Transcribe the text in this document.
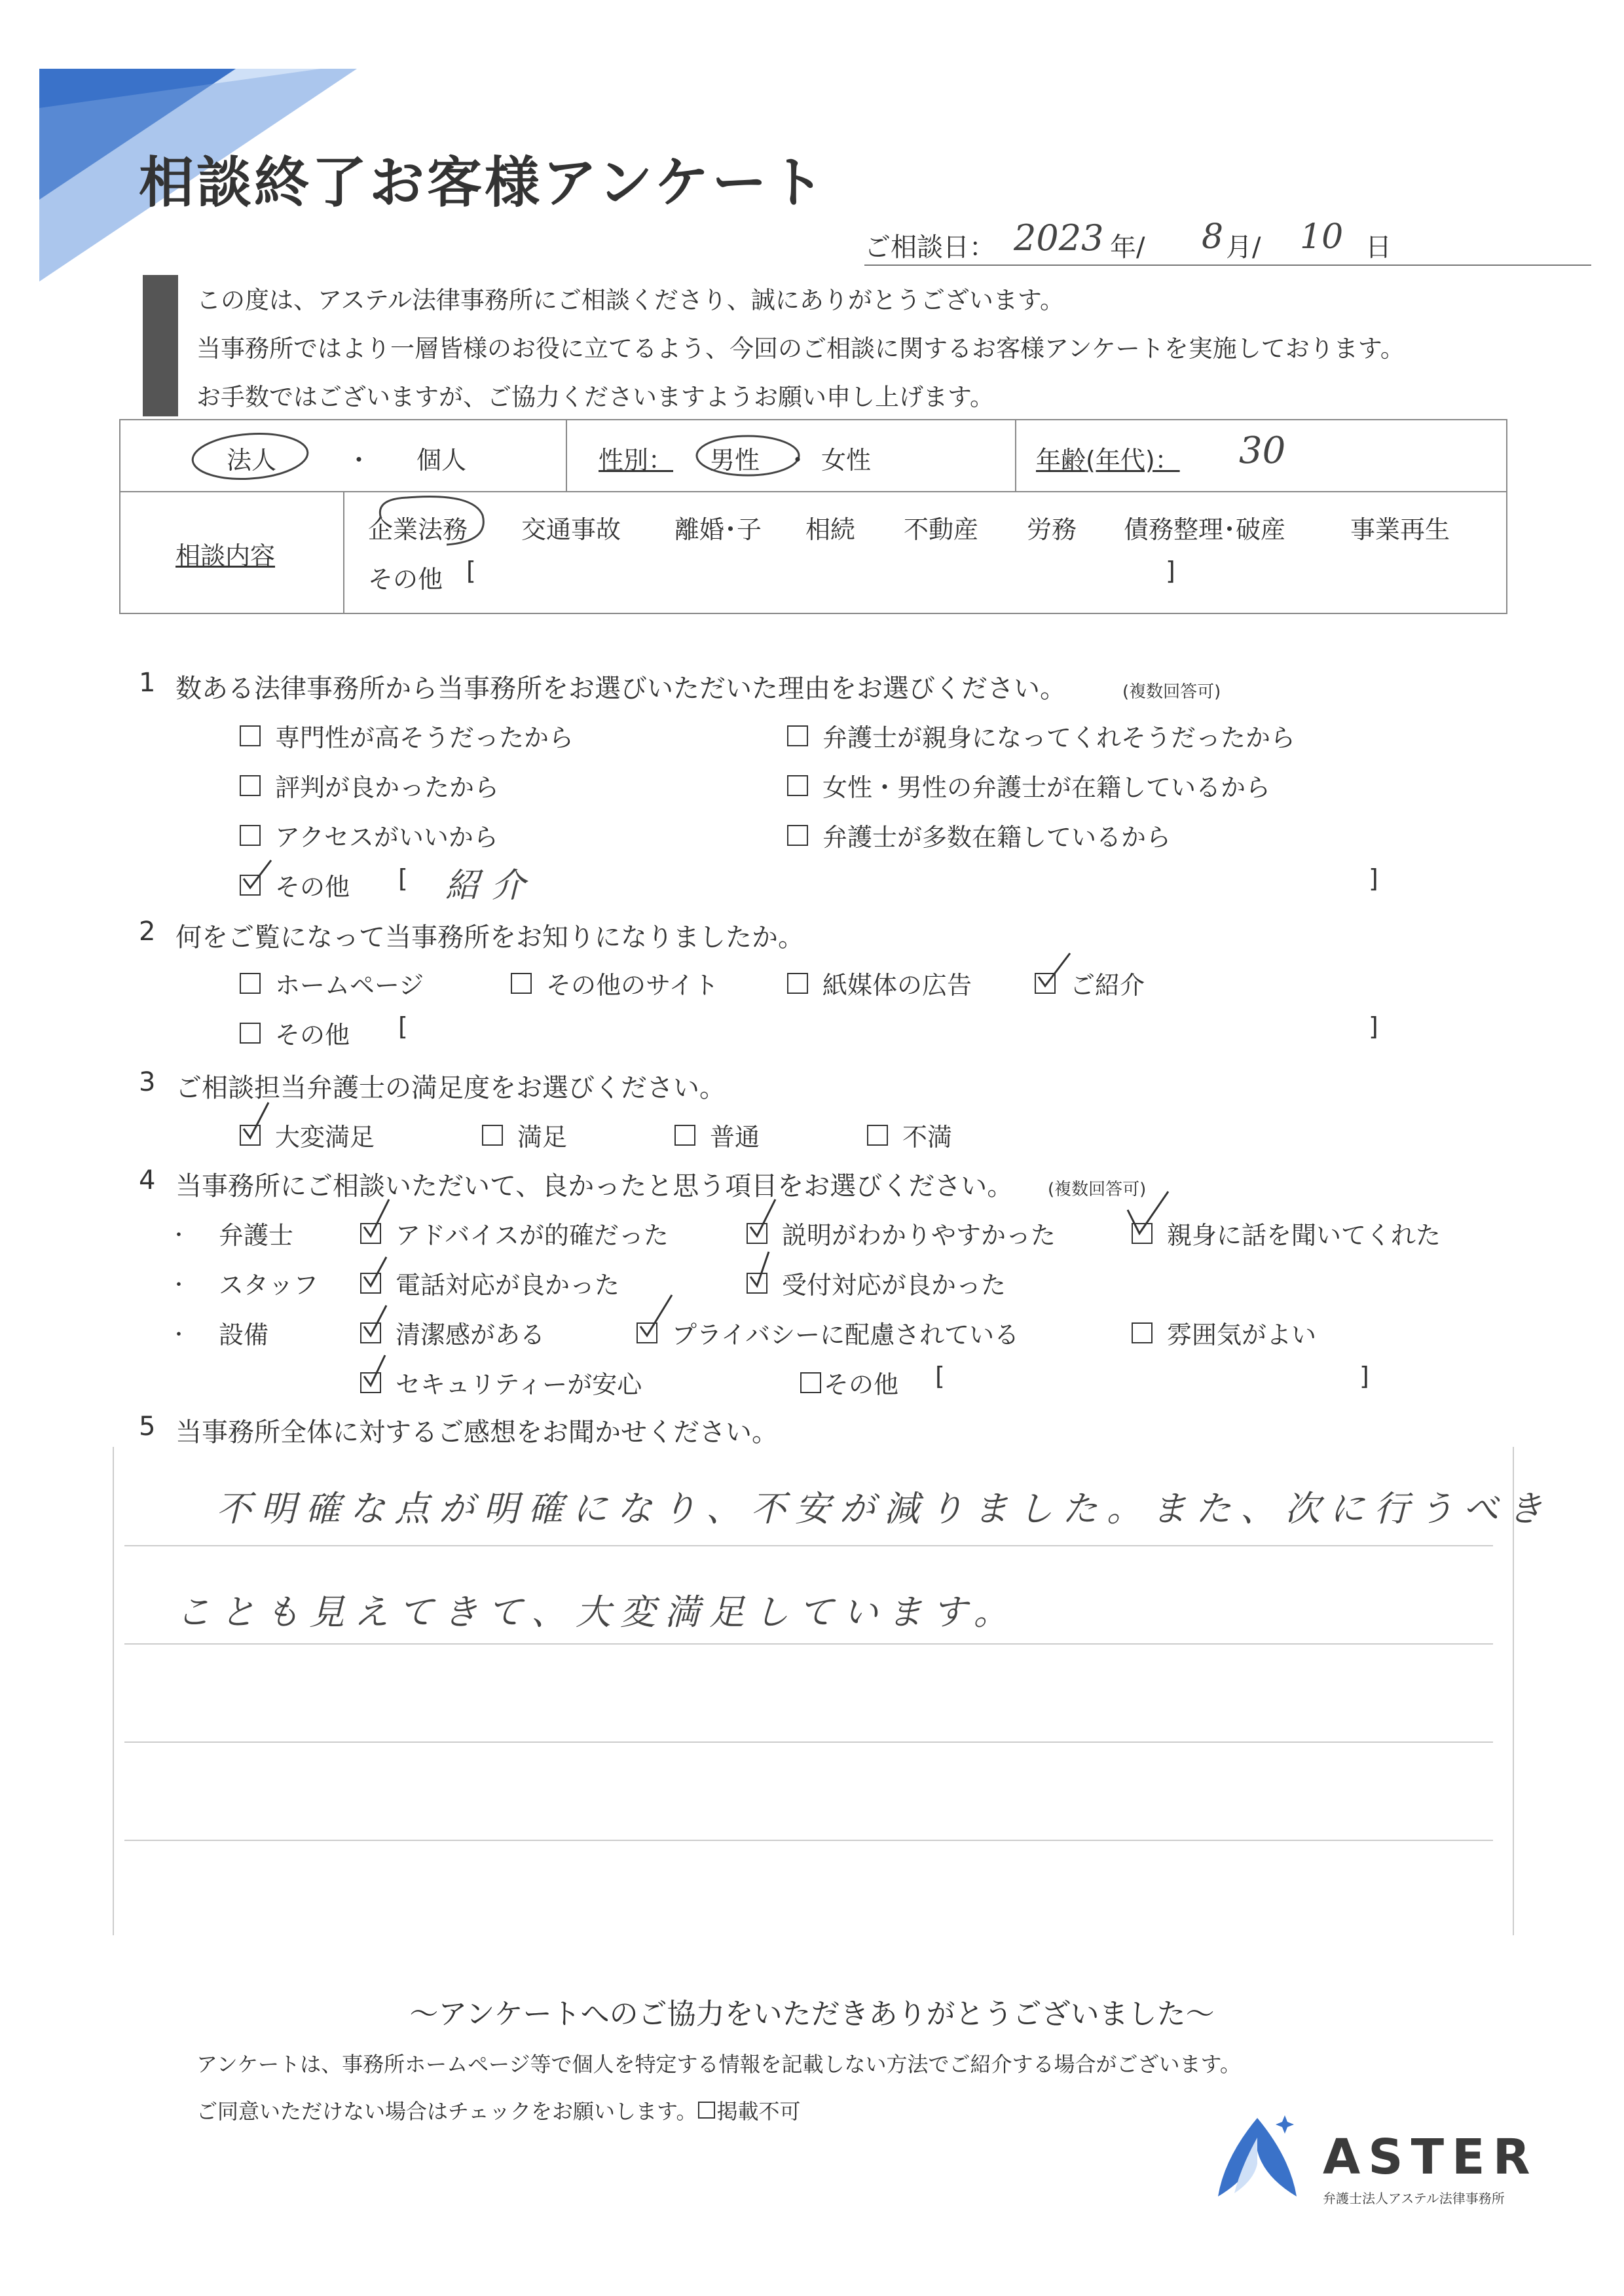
相談終了お客様アンケート
ご相談日： 2023 年/ 8 月/ 10 日
この度は、アステル法律事務所にご相談くださり、誠にありがとうございます。
当事務所ではより一層皆様のお役に立てるよう、今回のご相談に関するお客様アンケートを実施しております。
お手数ではございますが、ご協力くださいますようお願い申し上げます。
法人	・ 個人	性別： 男性 ・ 女性	年齢(年代)： 30
相談内容
企業法務 交通事故 離婚･子 相続 不動産 労務 債務整理･破産	事業再生
その他 [	]
1 数ある法律事務所から当事務所をお選びいただいた理由をお選びください。	(複数回答可)
専門性が高そうだったから	弁護士が親身になってくれそうだったから
評判が良かったから	女性・男性の弁護士が在籍しているから
アクセスがいいから	弁護士が多数在籍しているから
その他 [ 紹介	]
2 何をご覧になって当事務所をお知りになりましたか。
ホームページ	その他のサイト	紙媒体の広告	ご紹介
その他 [	]
3 ご相談担当弁護士の満足度をお選びください。
大変満足	満足	普通	不満
4 当事務所にご相談いただいて、良かったと思う項目をお選びください。 (複数回答可)
・ 弁護士	アドバイスが的確だった	説明がわかりやすかった	親身に話を聞いてくれた
・ スタッフ	電話対応が良かった	受付対応が良かった
・ 設備	清潔感がある	プライバシーに配慮されている	雰囲気がよい
セキュリティーが安心	その他 [	]
5 当事務所全体に対するご感想をお聞かせください。
不明確な点が明確になり、不安が減りました。また、次に行うべき
ことも見えてきて、大変満足しています。
～アンケートへのご協力をいただきありがとうございました～
アンケートは、事務所ホームページ等で個人を特定する情報を記載しない方法でご紹介する場合がございます。
ご同意いただけない場合はチェックをお願いします。 掲載不可
ASTER
弁護士法人アステル法律事務所
